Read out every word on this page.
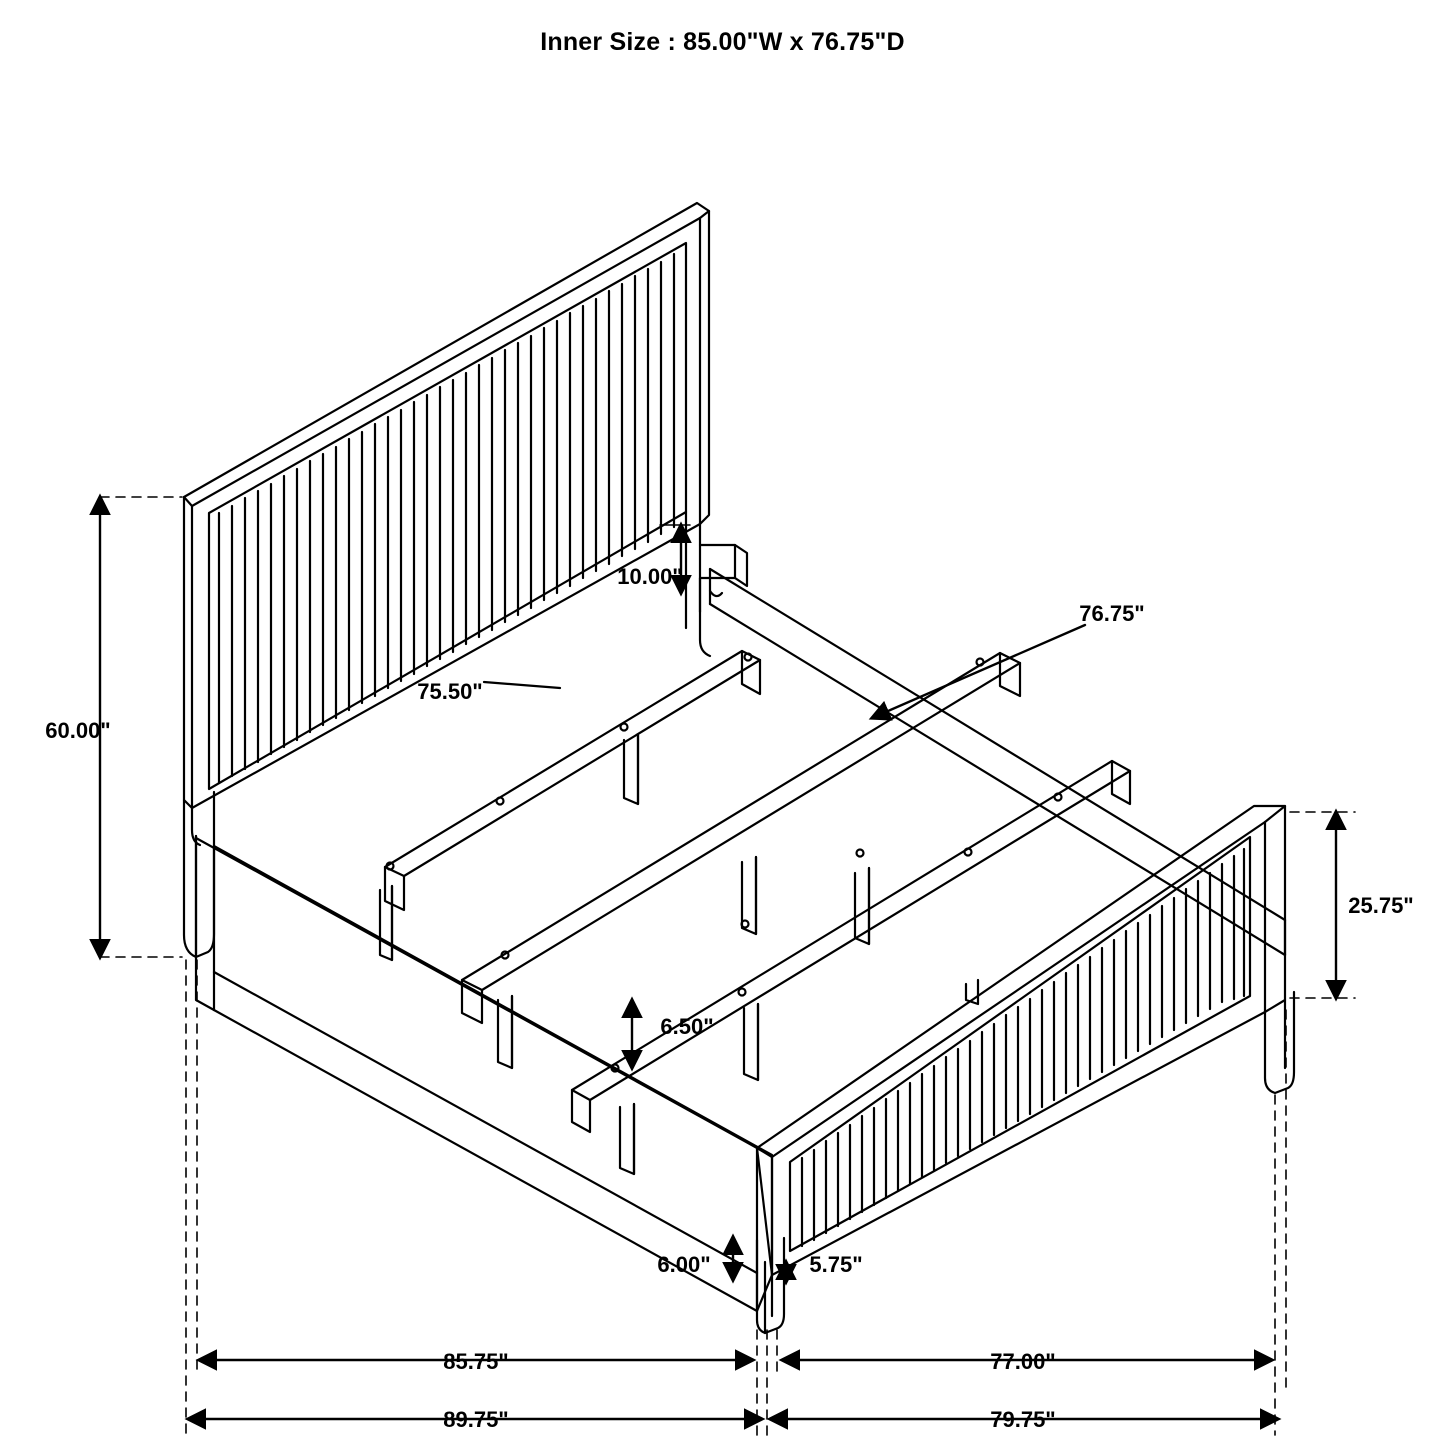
Inner Size : 85.00"W x 76.75"D
60.00"
10.00"
75.50"
76.75"
25.75"
6.50"
6.00"	5.75"
85.75"	77.00"
89.75"	79.75"
